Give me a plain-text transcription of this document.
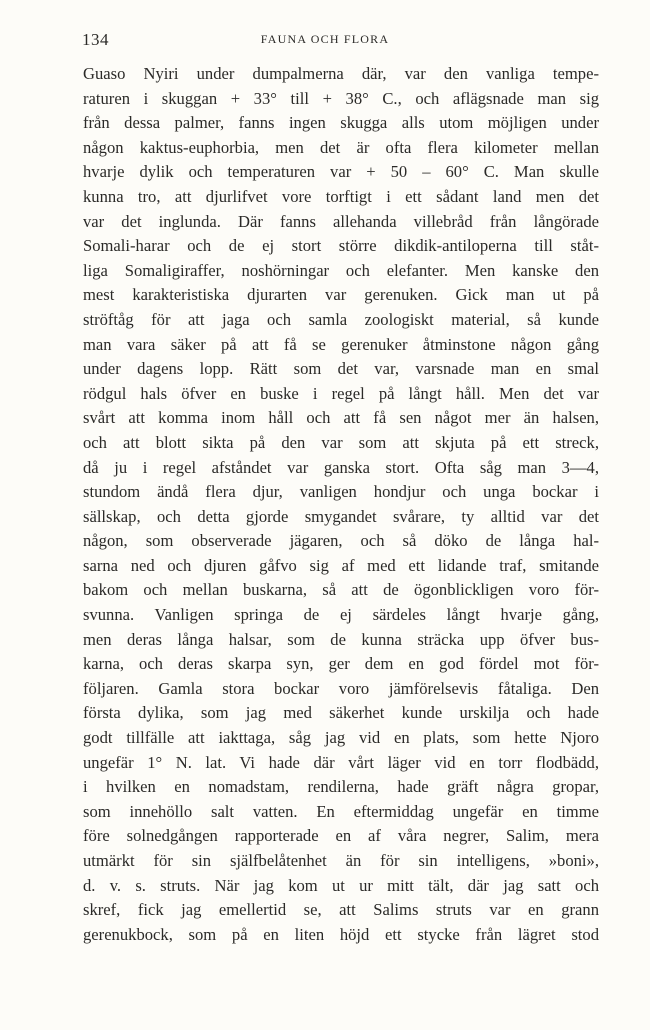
134	FAUNA OCH FLORA
Guaso Nyiri under dumpalmerna där, var den vanliga tempe-
raturen i skuggan + 33° till + 38° C., och aflägsnade man sig
från dessa palmer, fanns ingen skugga alls utom möjligen under
någon kaktus-euphorbia, men det är ofta flera kilometer mellan
hvarje dylik och temperaturen var + 50 – 60° C. Man skulle
kunna tro, att djurlifvet vore torftigt i ett sådant land men det
var det inglunda. Där fanns allehanda villebråd från långörade
Somali-harar och de ej stort större dikdik-antiloperna till ståt-
liga Somaligiraffer, noshörningar och elefanter. Men kanske den
mest karakteristiska djurarten var gerenuken. Gick man ut på
ströftåg för att jaga och samla zoologiskt material, så kunde
man vara säker på att få se gerenuker åtminstone någon gång
under dagens lopp. Rätt som det var, varsnade man en smal
rödgul hals öfver en buske i regel på långt håll. Men det var
svårt att komma inom håll och att få sen något mer än halsen,
och att blott sikta på den var som att skjuta på ett streck,
då ju i regel afståndet var ganska stort. Ofta såg man 3—4,
stundom ändå flera djur, vanligen hondjur och unga bockar i
sällskap, och detta gjorde smygandet svårare, ty alltid var det
någon, som observerade jägaren, och så döko de långa hal-
sarna ned och djuren gåfvo sig af med ett lidande traf, smitande
bakom och mellan buskarna, så att de ögonblickligen voro för-
svunna. Vanligen springa de ej särdeles långt hvarje gång,
men deras långa halsar, som de kunna sträcka upp öfver bus-
karna, och deras skarpa syn, ger dem en god fördel mot för-
följaren. Gamla stora bockar voro jämförelsevis fåtaliga. Den
första dylika, som jag med säkerhet kunde urskilja och hade
godt tillfälle att iakttaga, såg jag vid en plats, som hette Njoro
ungefär 1° N. lat. Vi hade där vårt läger vid en torr flodbädd,
i hvilken en nomadstam, rendilerna, hade gräft några gropar,
som innehöllo salt vatten. En eftermiddag ungefär en timme
före solnedgången rapporterade en af våra negrer, Salim, mera
utmärkt för sin själfbelåtenhet än för sin intelligens, »boni»,
d. v. s. struts. När jag kom ut ur mitt tält, där jag satt och
skref, fick jag emellertid se, att Salims struts var en grann
gerenukbock, som på en liten höjd ett stycke från lägret stod
